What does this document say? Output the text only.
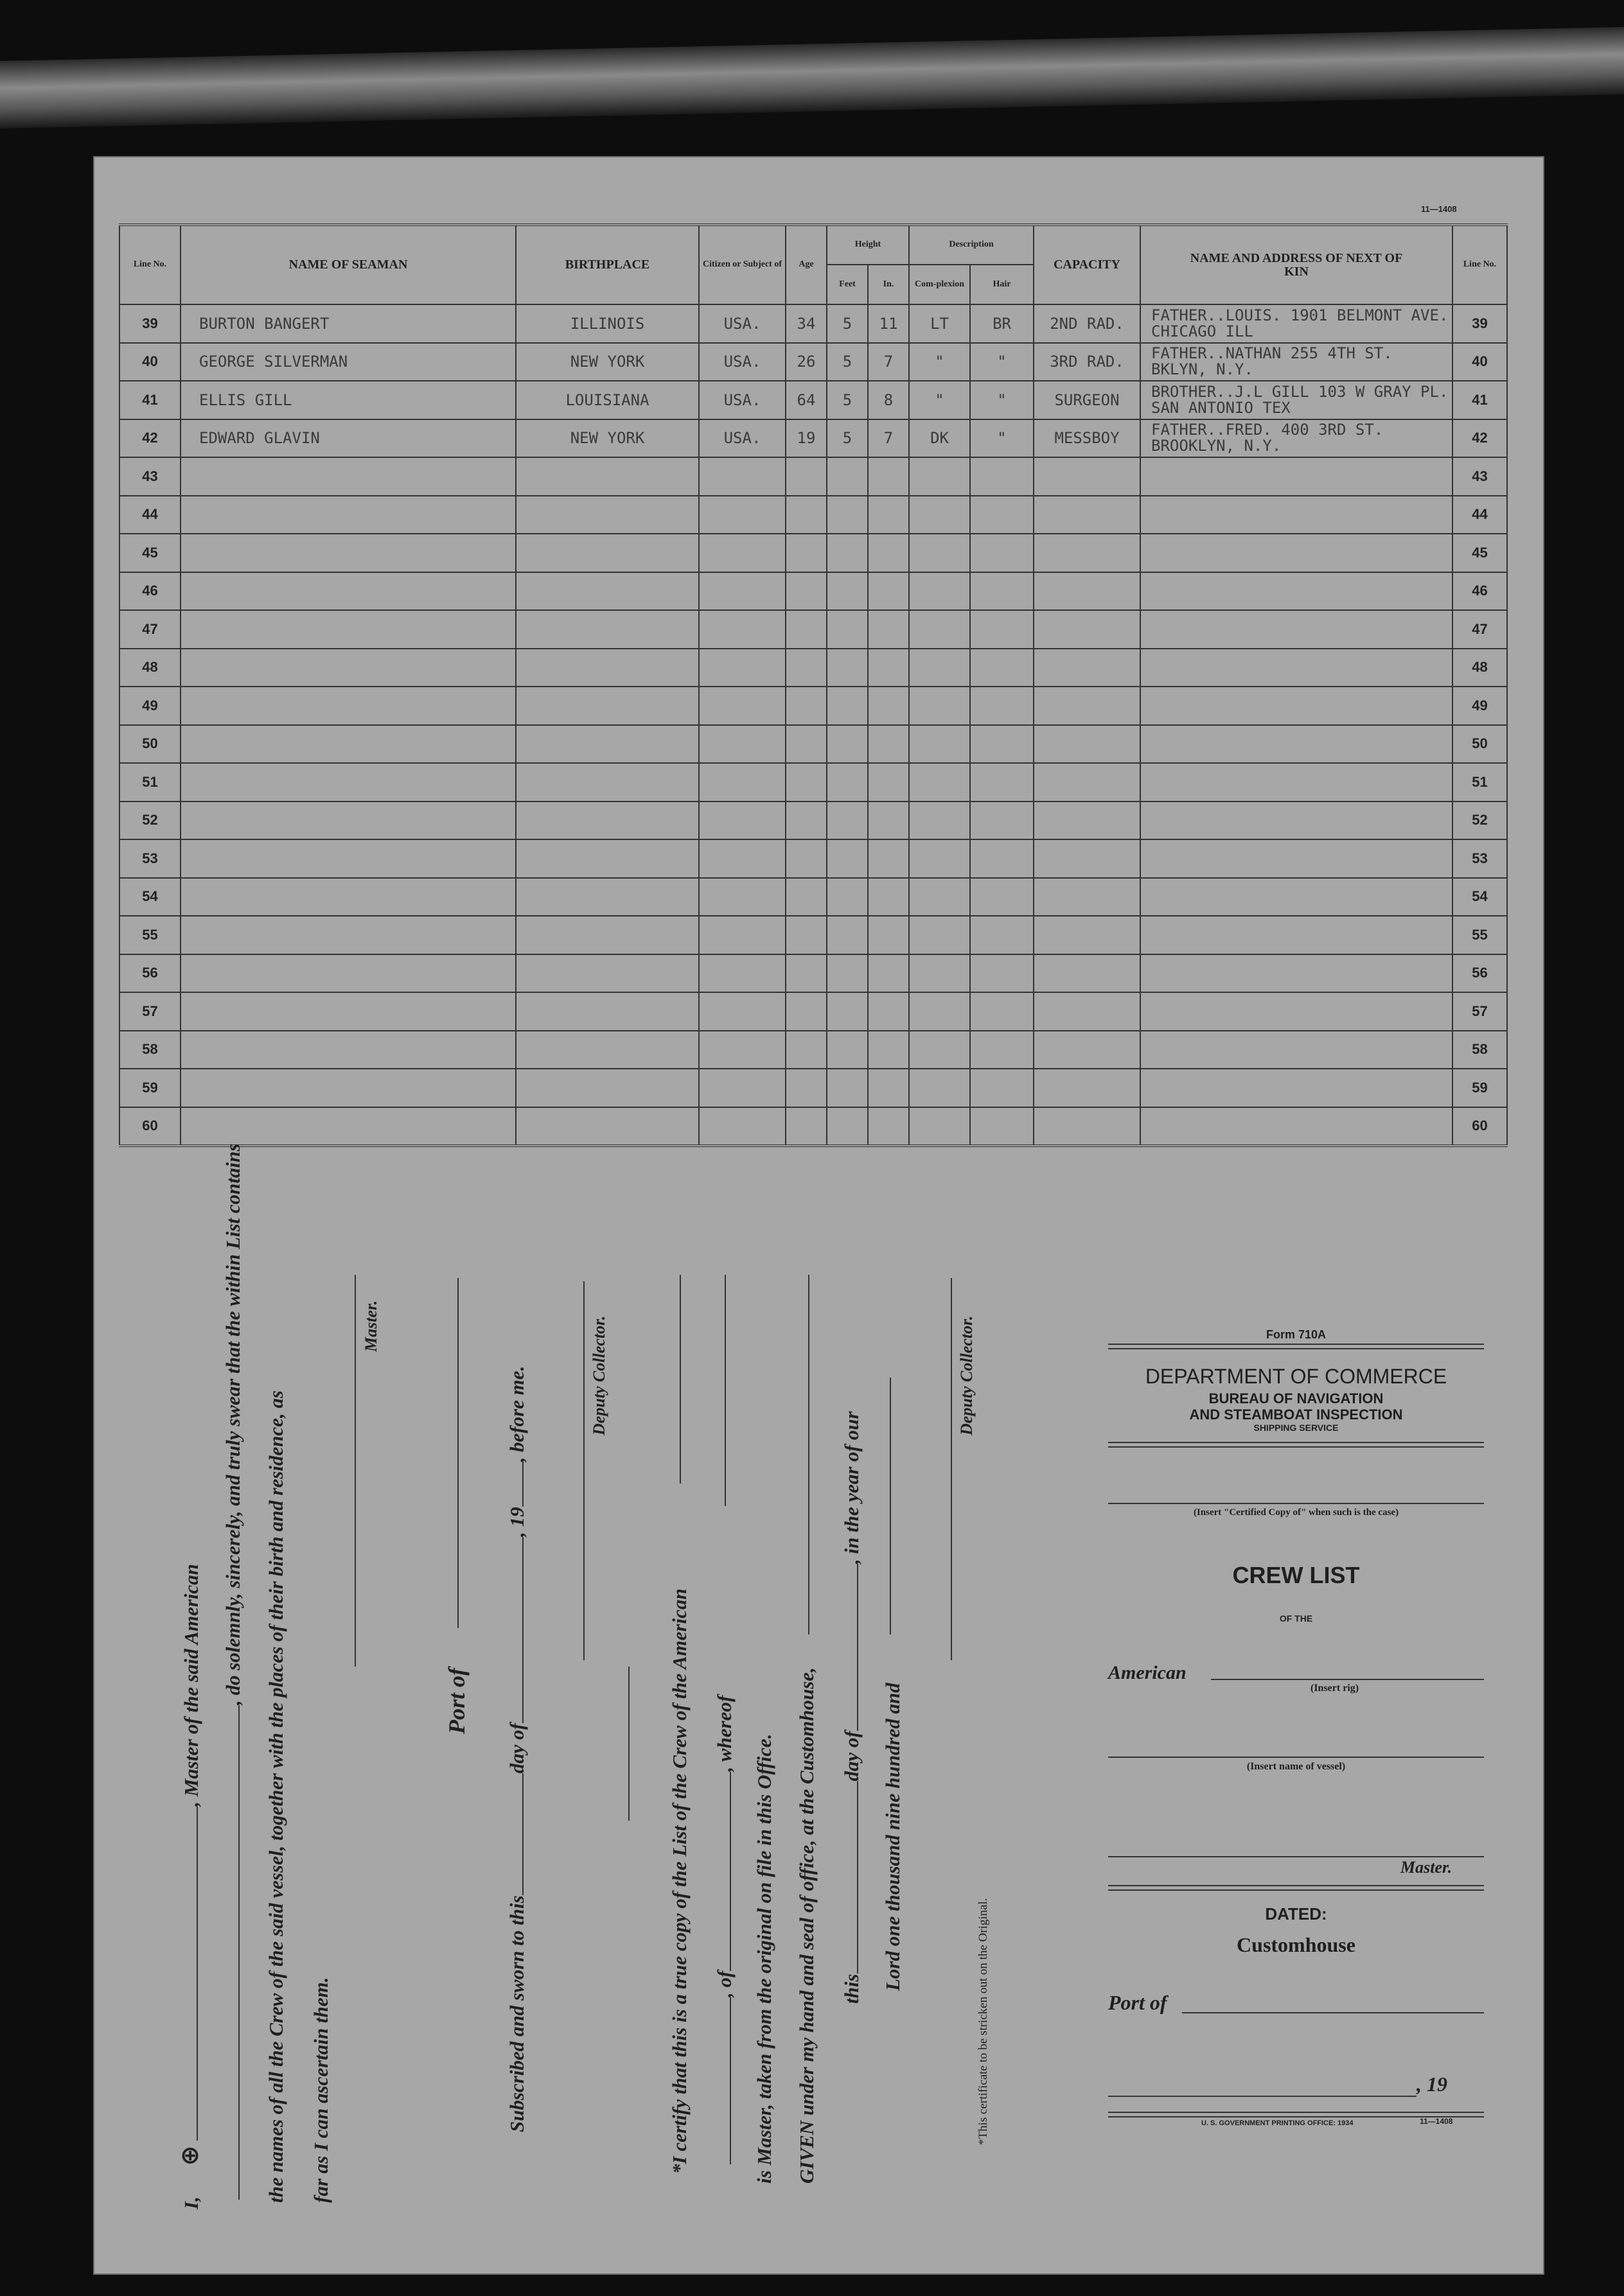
11—1408
Line No.	NAME OF SEAMAN	BIRTHPLACE	Citizen or Subject of	Age	Height		Description		CAPACITY	NAME AND ADDRESS OF NEXT OF KIN	Line No.
					Feet	In.	Com-plexion	Hair			
39	BURTON BANGERT	ILLINOIS	USA.	34	5	11	LT	BR	2ND RAD.	FATHER..LOUIS. 1901 BELMONT AVE. CHICAGO ILL	39
40	GEORGE SILVERMAN	NEW YORK	USA.	26	5	7	"	"	3RD RAD.	FATHER..NATHAN 255 4TH ST. BKLYN, N.Y.	40
41	ELLIS GILL	LOUISIANA	USA.	64	5	8	"	"	SURGEON	BROTHER..J.L GILL 103 W GRAY PL. SAN ANTONIO TEX	41
42	EDWARD GLAVIN	NEW YORK	USA.	19	5	7	DK	"	MESSBOY	FATHER..FRED. 400 3RD ST. BROOKLYN, N.Y.	42
43											43
44											44
45											45
46											46
47											47
48											48
49											49
50											50
51											51
52											52
53											53
54											54
55											55
56											56
57											57
58											58
59											59
60											60
I, ⊕ , Master of the said American , do solemnly, sincerely, and truly swear that the within List contains the names of all the Crew of the said vessel, together with the places of their birth and residence, as far as I can ascertain them.
Master.
Port of
Subscribed and sworn to thisday of, 19, before me.	Deputy Collector.
*I certify that this is a true copy of the List of the Crew of the American , of, whereof
is Master, taken from the original on file in this Office. GIVEN under my hand and seal of office, at the Customhouse, thisday of, in the year of our
Lord one thousand nine hundred and
Deputy Collector.
*This certificate to be stricken out on the Original.
Form 710A
DEPARTMENT OF COMMERCE
BUREAU OF NAVIGATION
AND STEAMBOAT INSPECTION
SHIPPING SERVICE
(Insert "Certified Copy of" when such is the case)
CREW LIST
OF THE
American
(Insert rig)
(Insert name of vessel)
Master.
DATED:
Customhouse
Port of
, 19
U. S. GOVERNMENT PRINTING OFFICE: 1934	11—1408
